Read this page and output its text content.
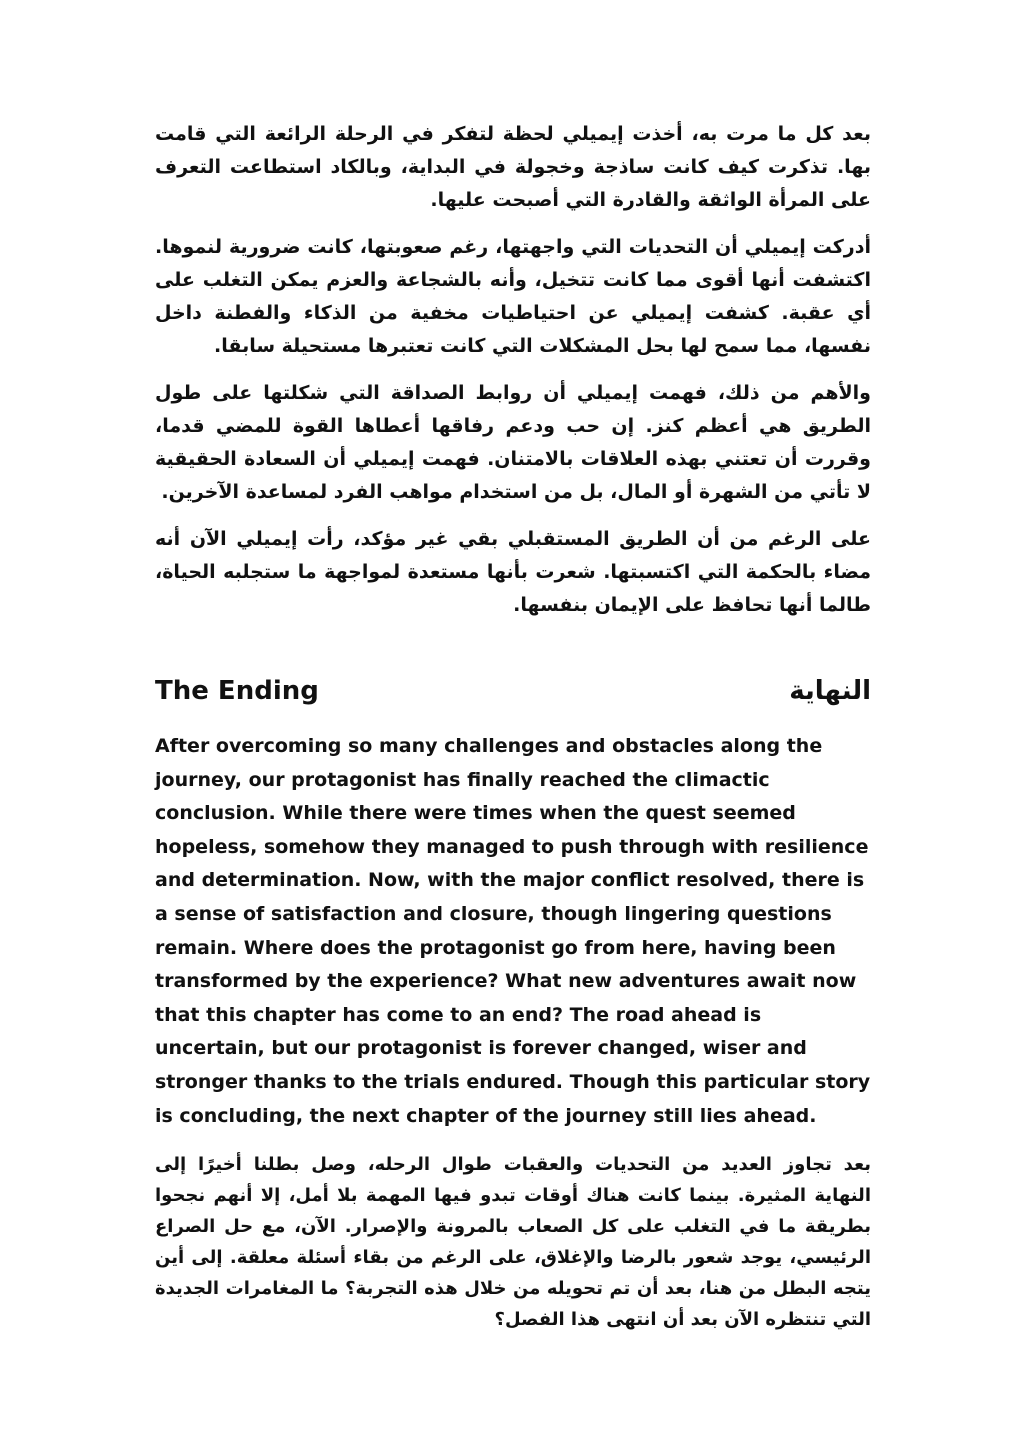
بعد كل ما مرت به، أخذت إيميلي لحظة لتفكر في الرحلة الرائعة التي قامت بها. تذكرت كيف كانت ساذجة وخجولة في البداية، وبالكاد استطاعت التعرف على المرأة الواثقة والقادرة التي أصبحت عليها.

أدركت إيميلي أن التحديات التي واجهتها، رغم صعوبتها، كانت ضرورية لنموها. اكتشفت أنها أقوى مما كانت تتخيل، وأنه بالشجاعة والعزم يمكن التغلب على أي عقبة. كشفت إيميلي عن احتياطيات مخفية من الذكاء والفطنة داخل نفسها، مما سمح لها بحل المشكلات التي كانت تعتبرها مستحيلة سابقا.

والأهم من ذلك، فهمت إيميلي أن روابط الصداقة التي شكلتها على طول الطريق هي أعظم كنز. إن حب ودعم رفاقها أعطاها القوة للمضي قدما، وقررت أن تعتني بهذه العلاقات بالامتنان. فهمت إيميلي أن السعادة الحقيقية لا تأتي من الشهرة أو المال، بل من استخدام مواهب الفرد لمساعدة الآخرين.

على الرغم من أن الطريق المستقبلي بقي غير مؤكد، رأت إيميلي الآن أنه مضاء بالحكمة التي اكتسبتها. شعرت بأنها مستعدة لمواجهة ما ستجلبه الحياة، طالما أنها تحافظ على الإيمان بنفسها.

The Ending	النهاية

After overcoming so many challenges and obstacles along the journey, our protagonist has finally reached the climactic conclusion. While there were times when the quest seemed hopeless, somehow they managed to push through with resilience and determination. Now, with the major conflict resolved, there is a sense of satisfaction and closure, though lingering questions remain. Where does the protagonist go from here, having been transformed by the experience? What new adventures await now that this chapter has come to an end? The road ahead is uncertain, but our protagonist is forever changed, wiser and stronger thanks to the trials endured. Though this particular story is concluding, the next chapter of the journey still lies ahead.

بعد تجاوز العديد من التحديات والعقبات طوال الرحله، وصل بطلنا أخيرًا إلى النهاية المثيرة. بينما كانت هناك أوقات تبدو فيها المهمة بلا أمل، إلا أنهم نجحوا بطريقة ما في التغلب على كل الصعاب بالمرونة والإصرار. الآن، مع حل الصراع الرئيسي، يوجد شعور بالرضا والإغلاق، على الرغم من بقاء أسئلة معلقة. إلى أين يتجه البطل من هنا، بعد أن تم تحويله من خلال هذه التجربة؟ ما المغامرات الجديدة التي تنتظره الآن بعد أن انتهى هذا الفصل؟
